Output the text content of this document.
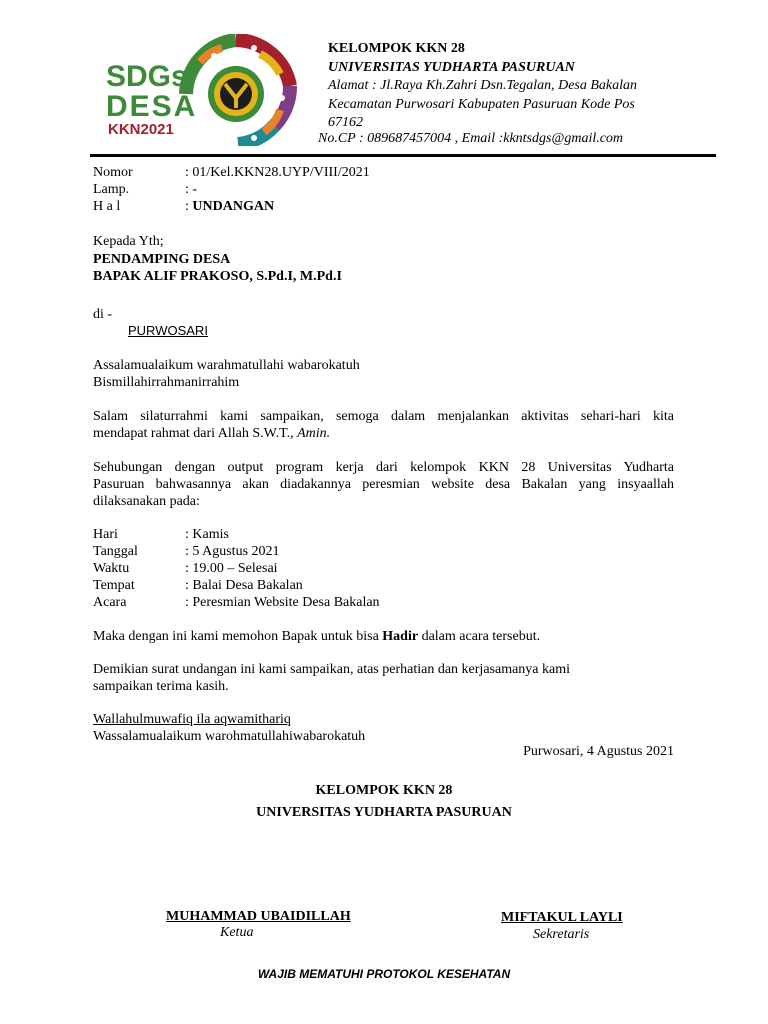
SDGs
DESA
KKN2021
KELOMPOK KKN 28
UNIVERSITAS YUDHARTA PASURUAN
Alamat : Jl.Raya Kh.Zahri Dsn.Tegalan, Desa Bakalan
Kecamatan Purwosari Kabupaten Pasuruan Kode Pos
67162
No.CP : 089687457004 , Email :kkntsdgs@gmail.com
Nomor	: 01/Kel.KKN28.UYP/VIII/2021
Lamp.	: -
H a l	: UNDANGAN
Kepada Yth;
PENDAMPING DESA
BAPAK ALIF PRAKOSO, S.Pd.I, M.Pd.I
di -
PURWOSARI
Assalamualaikum warahmatullahi wabarokatuh
Bismillahirrahmanirrahim
Salam silaturrahmi kami sampaikan, semoga dalam menjalankan aktivitas sehari-hari kita
mendapat rahmat dari Allah S.W.T., Amin.
Sehubungan dengan output program kerja dari kelompok KKN 28 Universitas Yudharta
Pasuruan bahwasannya akan diadakannya peresmian website desa Bakalan yang insyaallah
dilaksanakan pada:
Hari	: Kamis
Tanggal	: 5 Agustus 2021
Waktu	: 19.00 – Selesai
Tempat	: Balai Desa Bakalan
Acara	: Peresmian Website Desa Bakalan
Maka dengan ini kami memohon Bapak untuk bisa Hadir dalam acara tersebut.
Demikian surat undangan ini kami sampaikan, atas perhatian dan kerjasamanya kami
sampaikan terima kasih.
Wallahulmuwafiq ila aqwamithariq
Wassalamualaikum warohmatullahiwabarokatuh
Purwosari, 4 Agustus 2021
KELOMPOK KKN 28
UNIVERSITAS YUDHARTA PASURUAN
MUHAMMAD UBAIDILLAH
Ketua
MIFTAKUL LAYLI
Sekretaris
WAJIB MEMATUHI PROTOKOL KESEHATAN
